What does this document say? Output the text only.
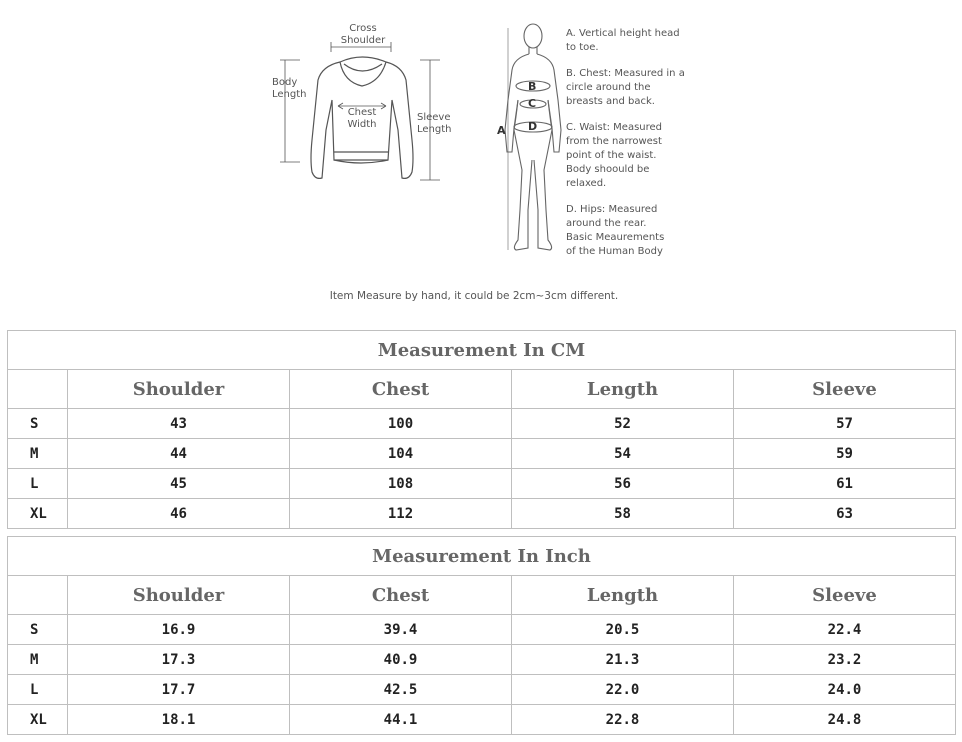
Cross
Shoulder
Body
Length
Chest
Width
Sleeve
Length	A
B
C
D

A. Vertical height head
to toe.

B. Chest: Measured in a
circle around the
breasts and back.

C. Waist: Measured
from the narrowest
point of the waist.
Body shoould be
relaxed.

D. Hips: Measured
around the rear.
Basic Meaurements
of the Human Body

Item Measure by hand, it could be 2cm~3cm different.
Measurement In CM				
	Shoulder	Chest	Length	Sleeve
S	43	100	52	57
M	44	104	54	59
L	45	108	56	61
XL	46	112	58	63
Measurement In Inch				
	Shoulder	Chest	Length	Sleeve
S	16.9	39.4	20.5	22.4
M	17.3	40.9	21.3	23.2
L	17.7	42.5	22.0	24.0
XL	18.1	44.1	22.8	24.8
